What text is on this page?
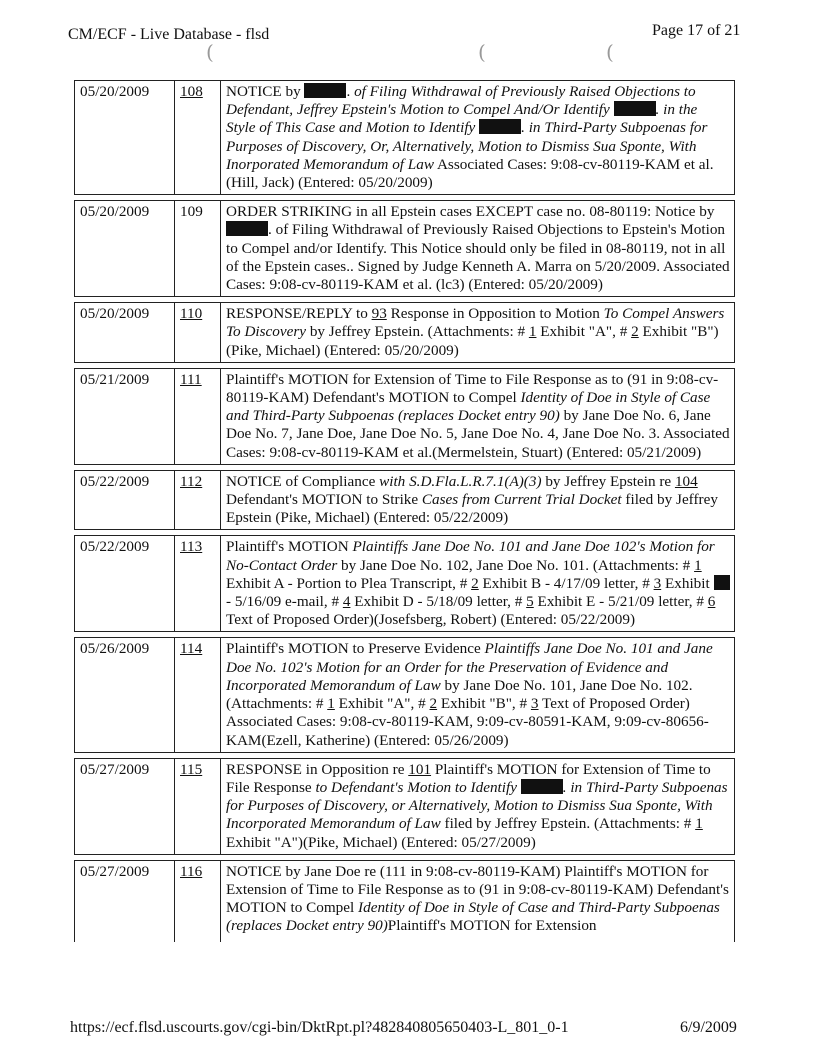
CM/ECF - Live Database - flsd	Page 17 of 21
(	(	(
05/20/2009	108	NOTICE by . of Filing Withdrawal of Previously Raised Objections to Defendant, Jeffrey Epstein's Motion to Compel And/Or Identify . in the Style of This Case and Motion to Identify . in Third-Party Subpoenas for Purposes of Discovery, Or, Alternatively, Motion to Dismiss Sua Sponte, With Inorporated Memorandum of Law Associated Cases: 9:08-cv-80119-KAM et al.(Hill, Jack) (Entered: 05/20/2009)
05/20/2009	109	ORDER STRIKING in all Epstein cases EXCEPT case no. 08-80119: Notice by . of Filing Withdrawal of Previously Raised Objections to Epstein's Motion to Compel and/or Identify. This Notice should only be filed in 08-80119, not in all of the Epstein cases.. Signed by Judge Kenneth A. Marra on 5/20/2009. Associated Cases: 9:08-cv-80119-KAM et al. (lc3) (Entered: 05/20/2009)
05/20/2009	110	RESPONSE/REPLY to 93 Response in Opposition to Motion To Compel Answers To Discovery by Jeffrey Epstein. (Attachments: # 1 Exhibit "A", # 2 Exhibit "B")(Pike, Michael) (Entered: 05/20/2009)
05/21/2009	111	Plaintiff's MOTION for Extension of Time to File Response as to (91 in 9:08-cv-80119-KAM) Defendant's MOTION to Compel Identity of Doe in Style of Case and Third-Party Subpoenas (replaces Docket entry 90) by Jane Doe No. 6, Jane Doe No. 7, Jane Doe, Jane Doe No. 5, Jane Doe No. 4, Jane Doe No. 3. Associated Cases: 9:08-cv-80119-KAM et al.(Mermelstein, Stuart) (Entered: 05/21/2009)
05/22/2009	112	NOTICE of Compliance with S.D.Fla.L.R.7.1(A)(3) by Jeffrey Epstein re 104 Defendant's MOTION to Strike Cases from Current Trial Docket filed by Jeffrey Epstein (Pike, Michael) (Entered: 05/22/2009)
05/22/2009	113	Plaintiff's MOTION Plaintiffs Jane Doe No. 101 and Jane Doe 102's Motion for No-Contact Order by Jane Doe No. 102, Jane Doe No. 101. (Attachments: # 1 Exhibit A - Portion to Plea Transcript, # 2 Exhibit B - 4/17/09 letter, # 3 Exhibit  - 5/16/09 e-mail, # 4 Exhibit D - 5/18/09 letter, # 5 Exhibit E - 5/21/09 letter, # 6 Text of Proposed Order)(Josefsberg, Robert) (Entered: 05/22/2009)
05/26/2009	114	Plaintiff's MOTION to Preserve Evidence Plaintiffs Jane Doe No. 101 and Jane Doe No. 102's Motion for an Order for the Preservation of Evidence and Incorporated Memorandum of Law by Jane Doe No. 101, Jane Doe No. 102. (Attachments: # 1 Exhibit "A", # 2 Exhibit "B", # 3 Text of Proposed Order) Associated Cases: 9:08-cv-80119-KAM, 9:09-cv-80591-KAM, 9:09-cv-80656-KAM(Ezell, Katherine) (Entered: 05/26/2009)
05/27/2009	115	RESPONSE in Opposition re 101 Plaintiff's MOTION for Extension of Time to File Response to Defendant's Motion to Identify . in Third-Party Subpoenas for Purposes of Discovery, or Alternatively, Motion to Dismiss Sua Sponte, With Incorporated Memorandum of Law filed by Jeffrey Epstein. (Attachments: # 1 Exhibit "A")(Pike, Michael) (Entered: 05/27/2009)
05/27/2009	116	NOTICE by Jane Doe re (111 in 9:08-cv-80119-KAM) Plaintiff's MOTION for Extension of Time to File Response as to (91 in 9:08-cv-80119-KAM) Defendant's MOTION to Compel Identity of Doe in Style of Case and Third-Party Subpoenas (replaces Docket entry 90)Plaintiff's MOTION for Extension
https://ecf.flsd.uscourts.gov/cgi-bin/DktRpt.pl?482840805650403-L_801_0-1	6/9/2009
